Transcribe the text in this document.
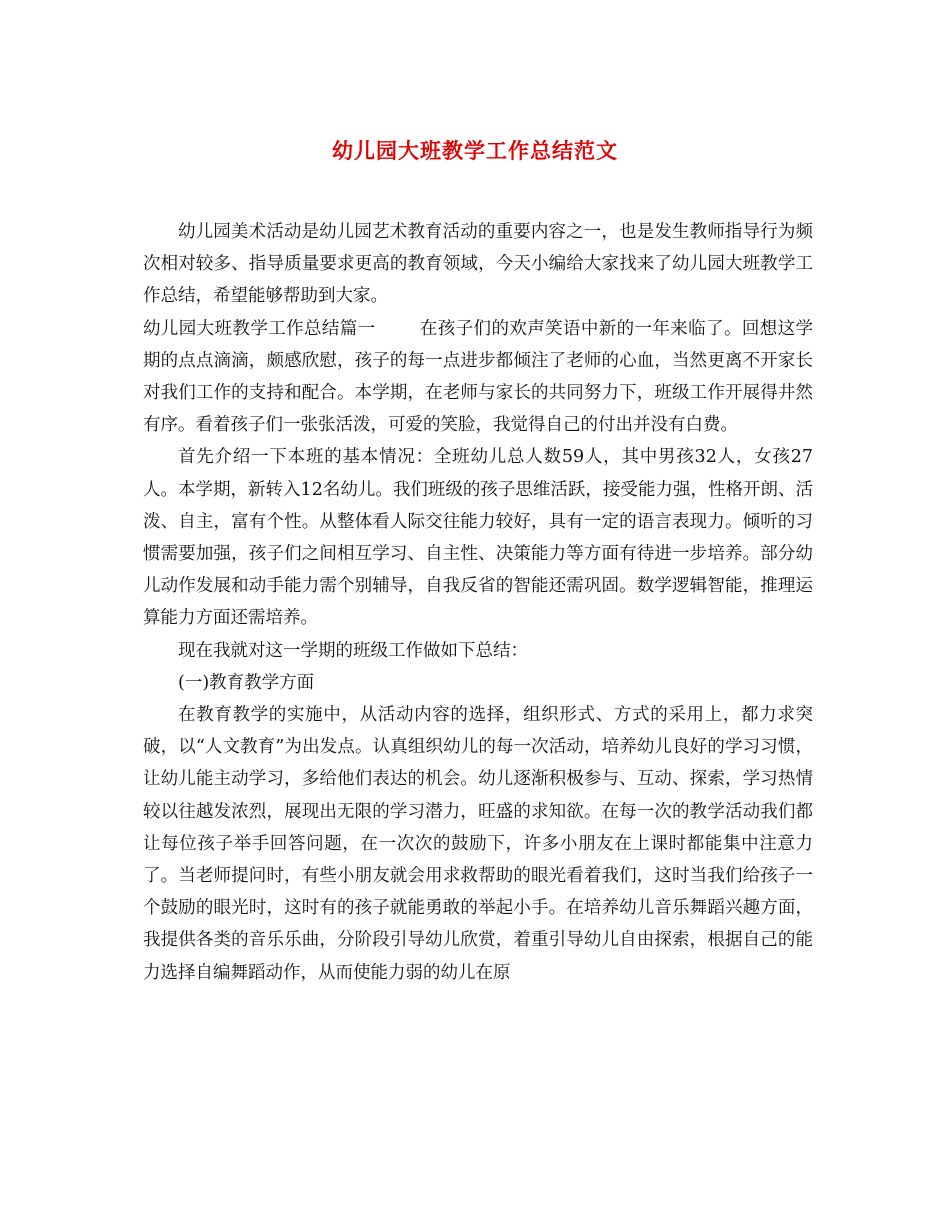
幼儿园大班教学工作总结范文

幼儿园美术活动是幼儿园艺术教育活动的重要内容之一，也是发生教师指导行为频次相对较多、指导质量要求更高的教育领域，今天小编给大家找来了幼儿园大班教学工作总结，希望能够帮助到大家。

幼儿园大班教学工作总结篇一	在孩子们的欢声笑语中新的一年来临了。回想这学期的点点滴滴，颇感欣慰，孩子的每一点进步都倾注了老师的心血，当然更离不开家长对我们工作的支持和配合。本学期，在老师与家长的共同努力下，班级工作开展得井然有序。看着孩子们一张张活泼，可爱的笑脸，我觉得自己的付出并没有白费。

首先介绍一下本班的基本情况：全班幼儿总人数59人，其中男孩32人，女孩27人。本学期，新转入12名幼儿。我们班级的孩子思维活跃，接受能力强，性格开朗、活泼、自主，富有个性。从整体看人际交往能力较好，具有一定的语言表现力。倾听的习惯需要加强，孩子们之间相互学习、自主性、决策能力等方面有待进一步培养。部分幼儿动作发展和动手能力需个别辅导，自我反省的智能还需巩固。数学逻辑智能，推理运算能力方面还需培养。

现在我就对这一学期的班级工作做如下总结：

(一)教育教学方面

在教育教学的实施中，从活动内容的选择，组织形式、方式的采用上，都力求突破，以“人文教育”为出发点。认真组织幼儿的每一次活动，培养幼儿良好的学习习惯，让幼儿能主动学习，多给他们表达的机会。幼儿逐渐积极参与、互动、探索，学习热情较以往越发浓烈，展现出无限的学习潜力，旺盛的求知欲。在每一次的教学活动我们都让每位孩子举手回答问题，在一次次的鼓励下，许多小朋友在上课时都能集中注意力了。当老师提问时，有些小朋友就会用求救帮助的眼光看着我们，这时当我们给孩子一个鼓励的眼光时，这时有的孩子就能勇敢的举起小手。在培养幼儿音乐舞蹈兴趣方面，我提供各类的音乐乐曲，分阶段引导幼儿欣赏，着重引导幼儿自由探索，根据自己的能力选择自编舞蹈动作，从而使能力弱的幼儿在原
